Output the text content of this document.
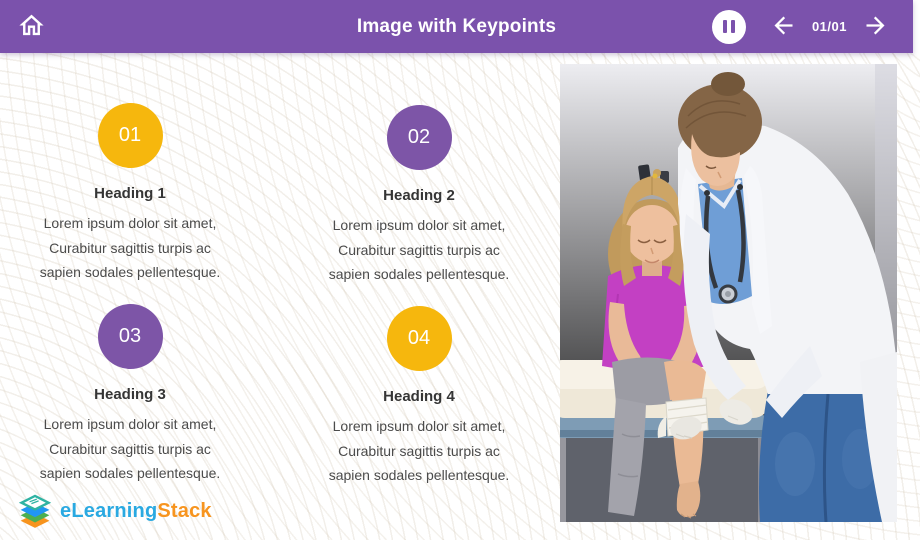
Image with Keypoints	01/01
01
Heading 1
Lorem ipsum dolor sit amet,
Curabitur sagittis turpis ac
sapien sodales pellentesque.
02
Heading 2
Lorem ipsum dolor sit amet,
Curabitur sagittis turpis ac
sapien sodales pellentesque.
03
Heading 3
Lorem ipsum dolor sit amet,
Curabitur sagittis turpis ac
sapien sodales pellentesque.
04
Heading 4
Lorem ipsum dolor sit amet,
Curabitur sagittis turpis ac
sapien sodales pellentesque.
eLearningStack
